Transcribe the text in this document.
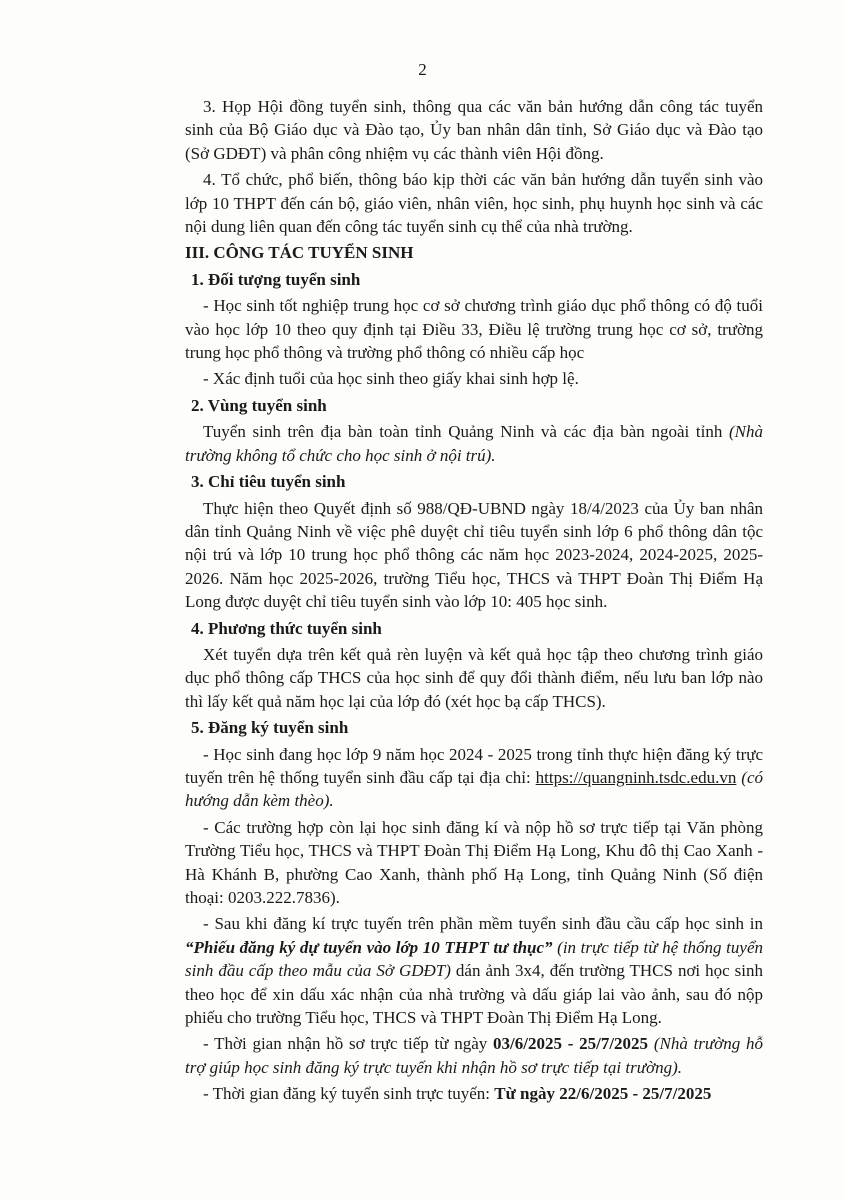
2

3. Họp Hội đồng tuyển sinh, thông qua các văn bản hướng dẫn công tác tuyển sinh của Bộ Giáo dục và Đào tạo, Ủy ban nhân dân tỉnh, Sở Giáo dục và Đào tạo (Sở GDĐT) và phân công nhiệm vụ các thành viên Hội đồng.

4. Tổ chức, phổ biến, thông báo kịp thời các văn bản hướng dẫn tuyển sinh vào lớp 10 THPT đến cán bộ, giáo viên, nhân viên, học sinh, phụ huynh học sinh và các nội dung liên quan đến công tác tuyển sinh cụ thể của nhà trường.

III. CÔNG TÁC TUYỂN SINH

1. Đối tượng tuyển sinh

- Học sinh tốt nghiệp trung học cơ sở chương trình giáo dục phổ thông có độ tuổi vào học lớp 10 theo quy định tại Điều 33, Điều lệ trường trung học cơ sở, trường trung học phổ thông và trường phổ thông có nhiều cấp học

- Xác định tuổi của học sinh theo giấy khai sinh hợp lệ.

2. Vùng tuyển sinh

Tuyển sinh trên địa bàn toàn tỉnh Quảng Ninh và các địa bàn ngoài tỉnh (Nhà trường không tổ chức cho học sinh ở nội trú).

3. Chỉ tiêu tuyển sinh

Thực hiện theo Quyết định số 988/QĐ-UBND ngày 18/4/2023 của Ủy ban nhân dân tỉnh Quảng Ninh về việc phê duyệt chỉ tiêu tuyển sinh lớp 6 phổ thông dân tộc nội trú và lớp 10 trung học phổ thông các năm học 2023-2024, 2024-2025, 2025-2026. Năm học 2025-2026, trường Tiểu học, THCS và THPT Đoàn Thị Điểm Hạ Long được duyệt chỉ tiêu tuyển sinh vào lớp 10: 405 học sinh.

4. Phương thức tuyển sinh

Xét tuyển dựa trên kết quả rèn luyện và kết quả học tập theo chương trình giáo dục phổ thông cấp THCS của học sinh để quy đổi thành điểm, nếu lưu ban lớp nào thì lấy kết quả năm học lại của lớp đó (xét học bạ cấp THCS).

5. Đăng ký tuyển sinh

- Học sinh đang học lớp 9 năm học 2024 - 2025 trong tỉnh thực hiện đăng ký trực tuyến trên hệ thống tuyển sinh đầu cấp tại địa chỉ: https://quangninh.tsdc.edu.vn (có hướng dẫn kèm thèo).

- Các trường hợp còn lại học sinh đăng kí và nộp hồ sơ trực tiếp tại Văn phòng Trường Tiểu học, THCS và THPT Đoàn Thị Điểm Hạ Long, Khu đô thị Cao Xanh - Hà Khánh B, phường Cao Xanh, thành phố Hạ Long, tỉnh Quảng Ninh (Số điện thoại: 0203.222.7836).

- Sau khi đăng kí trực tuyến trên phần mềm tuyển sinh đầu cầu cấp học sinh in “Phiếu đăng ký dự tuyển vào lớp 10 THPT tư thục” (in trực tiếp từ hệ thống tuyển sinh đầu cấp theo mẫu của Sở GDĐT) dán ảnh 3x4, đến trường THCS nơi học sinh theo học để xin dấu xác nhận của nhà trường và dấu giáp lai vào ảnh, sau đó nộp phiếu cho trường Tiểu học, THCS và THPT Đoàn Thị Điểm Hạ Long.

- Thời gian nhận hồ sơ trực tiếp từ ngày 03/6/2025 - 25/7/2025 (Nhà trường hỗ trợ giúp học sinh đăng ký trực tuyến khi nhận hồ sơ trực tiếp tại trường).

- Thời gian đăng ký tuyển sinh trực tuyến: Từ ngày 22/6/2025 - 25/7/2025
